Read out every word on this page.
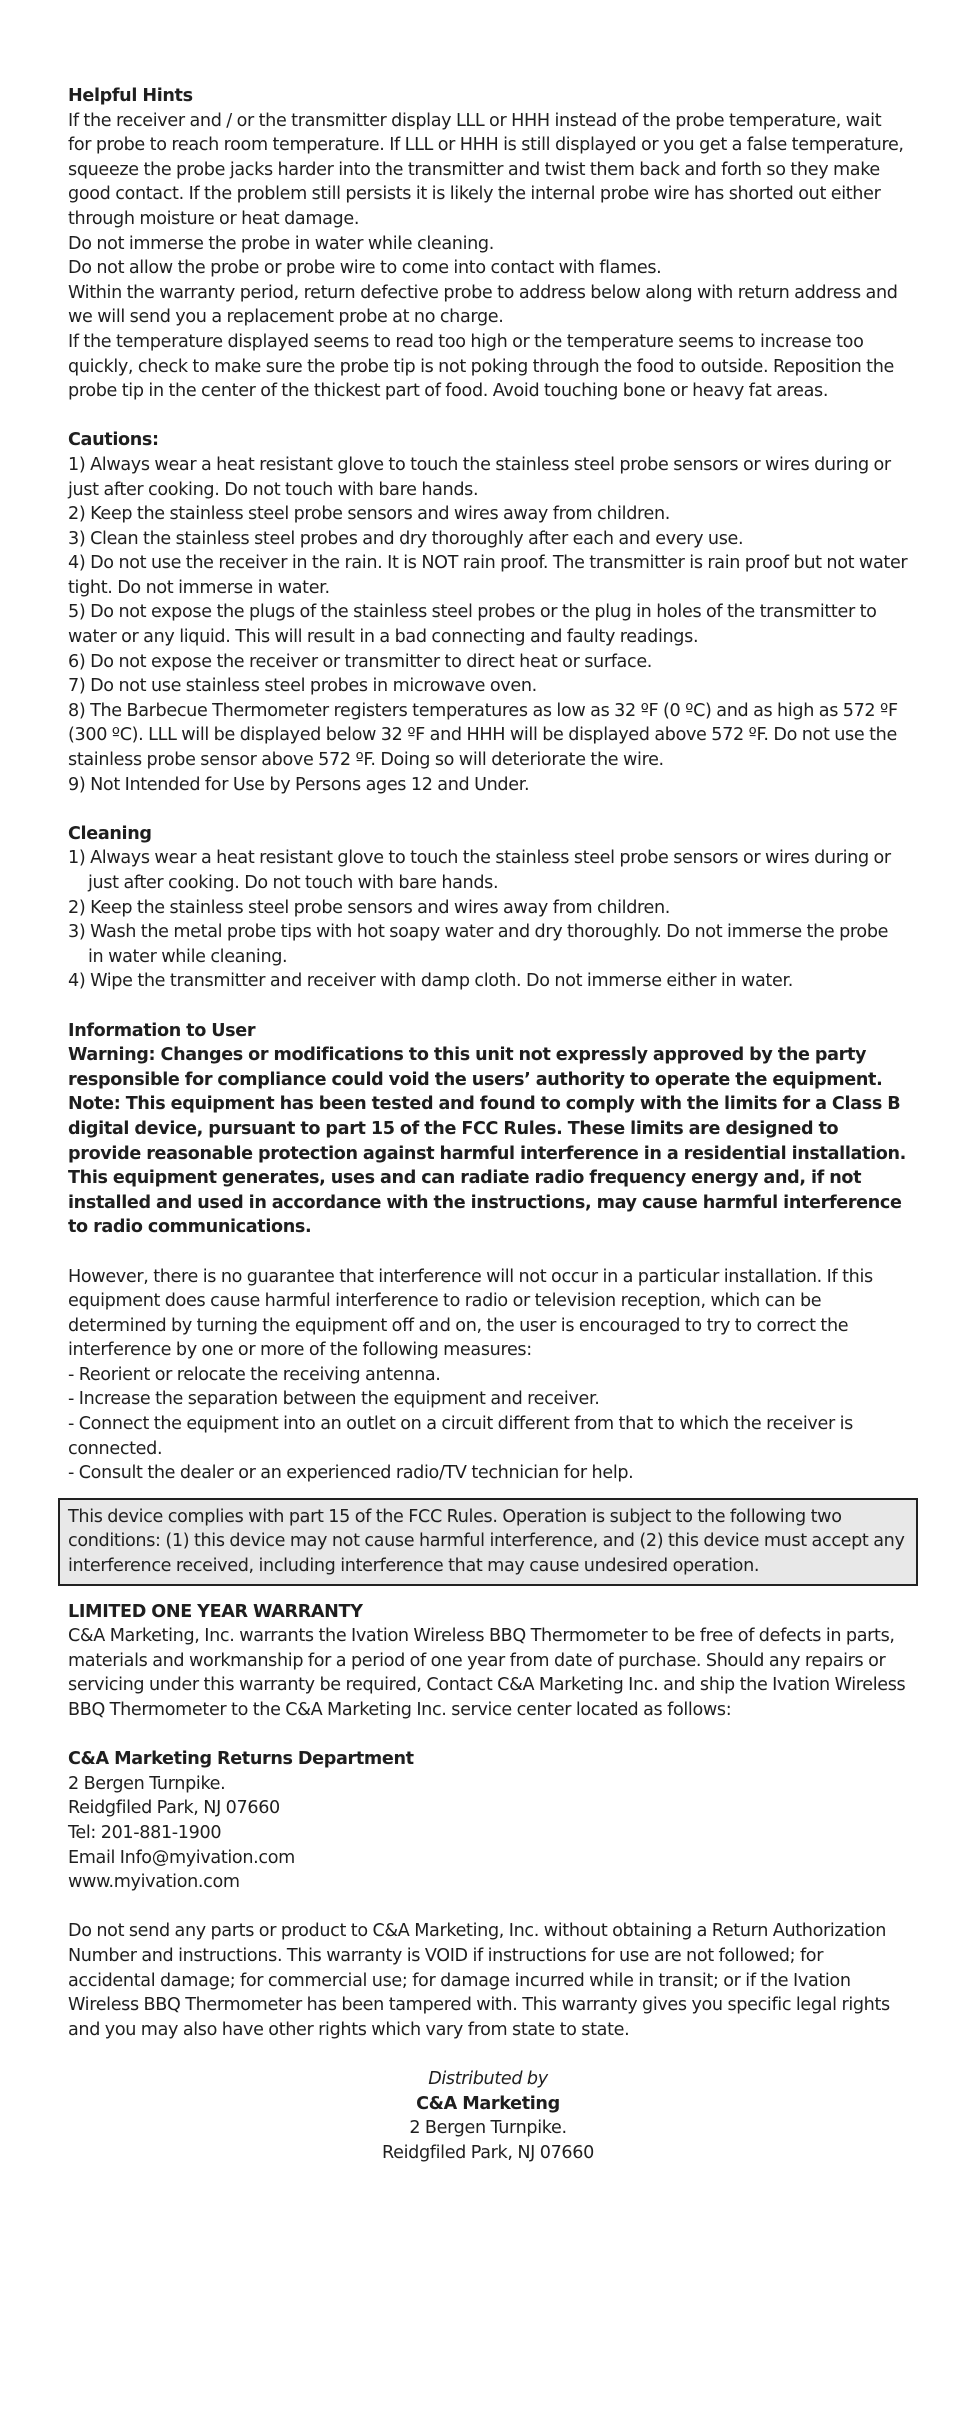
Helpful Hints

If the receiver and / or the transmitter display LLL or HHH instead of the probe temperature, wait for probe to reach room temperature. If LLL or HHH is still displayed or you get a false temperature, squeeze the probe jacks harder into the transmitter and twist them back and forth so they make good contact. If the problem still persists it is likely the internal probe wire has shorted out either through moisture or heat damage.

Do not immerse the probe in water while cleaning.

Do not allow the probe or probe wire to come into contact with flames.

Within the warranty period, return defective probe to address below along with return address and we will send you a replacement probe at no charge.

If the temperature displayed seems to read too high or the temperature seems to increase too quickly, check to make sure the probe tip is not poking through the food to outside. Reposition the probe tip in the center of the thickest part of food. Avoid touching bone or heavy fat areas.

Cautions:

1) Always wear a heat resistant glove to touch the stainless steel probe sensors or wires during or just after cooking. Do not touch with bare hands.

2) Keep the stainless steel probe sensors and wires away from children.

3) Clean the stainless steel probes and dry thoroughly after each and every use.

4) Do not use the receiver in the rain. It is NOT rain proof. The transmitter is rain proof but not water tight. Do not immerse in water.

5) Do not expose the plugs of the stainless steel probes or the plug in holes of the transmitter to water or any liquid. This will result in a bad connecting and faulty readings.

6) Do not expose the receiver or transmitter to direct heat or surface.

7) Do not use stainless steel probes in microwave oven.

8) The Barbecue Thermometer registers temperatures as low as 32 ºF (0 ºC) and as high as 572 ºF (300 ºC). LLL will be displayed below 32 ºF and HHH will be displayed above 572 ºF. Do not use the stainless probe sensor above 572 ºF. Doing so will deteriorate the wire.

9) Not Intended for Use by Persons ages 12 and Under.

Cleaning

1) Always wear a heat resistant glove to touch the stainless steel probe sensors or wires during or just after cooking. Do not touch with bare hands.

2) Keep the stainless steel probe sensors and wires away from children.

3) Wash the metal probe tips with hot soapy water and dry thoroughly. Do not immerse the probe in water while cleaning.

4) Wipe the transmitter and receiver with damp cloth. Do not immerse either in water.

Information to User

Warning: Changes or modifications to this unit not expressly approved by the party responsible for compliance could void the users’ authority to operate the equipment.

Note: This equipment has been tested and found to comply with the limits for a Class B digital device, pursuant to part 15 of the FCC Rules. These limits are designed to provide reasonable protection against harmful interference in a residential installation. This equipment generates, uses and can radiate radio frequency energy and, if not installed and used in accordance with the instructions, may cause harmful interference to radio communications.

However, there is no guarantee that interference will not occur in a particular installation. If this equipment does cause harmful interference to radio or television reception, which can be determined by turning the equipment off and on, the user is encouraged to try to correct the interference by one or more of the following measures:

- Reorient or relocate the receiving antenna.

- Increase the separation between the equipment and receiver.

- Connect the equipment into an outlet on a circuit different from that to which the receiver is connected.

- Consult the dealer or an experienced radio/TV technician for help.

This device complies with part 15 of the FCC Rules. Operation is subject to the following two conditions: (1) this device may not cause harmful interference, and (2) this device must accept any interference received, including interference that may cause undesired operation.

LIMITED ONE YEAR WARRANTY

C&A Marketing, Inc. warrants the Ivation Wireless BBQ Thermometer to be free of defects in parts, materials and workmanship for a period of one year from date of purchase. Should any repairs or servicing under this warranty be required, Contact C&A Marketing Inc. and ship the Ivation Wireless BBQ Thermometer to the C&A Marketing Inc. service center located as follows:

C&A Marketing Returns Department

2 Bergen Turnpike.

Reidgfiled Park, NJ 07660

Tel: 201-881-1900

Email Info@myivation.com

www.myivation.com

Do not send any parts or product to C&A Marketing, Inc. without obtaining a Return Authorization Number and instructions. This warranty is VOID if instructions for use are not followed; for accidental damage; for commercial use; for damage incurred while in transit; or if the Ivation Wireless BBQ Thermometer has been tampered with. This warranty gives you specific legal rights and you may also have other rights which vary from state to state.

Distributed by

C&A Marketing

2 Bergen Turnpike.

Reidgfiled Park, NJ 07660
